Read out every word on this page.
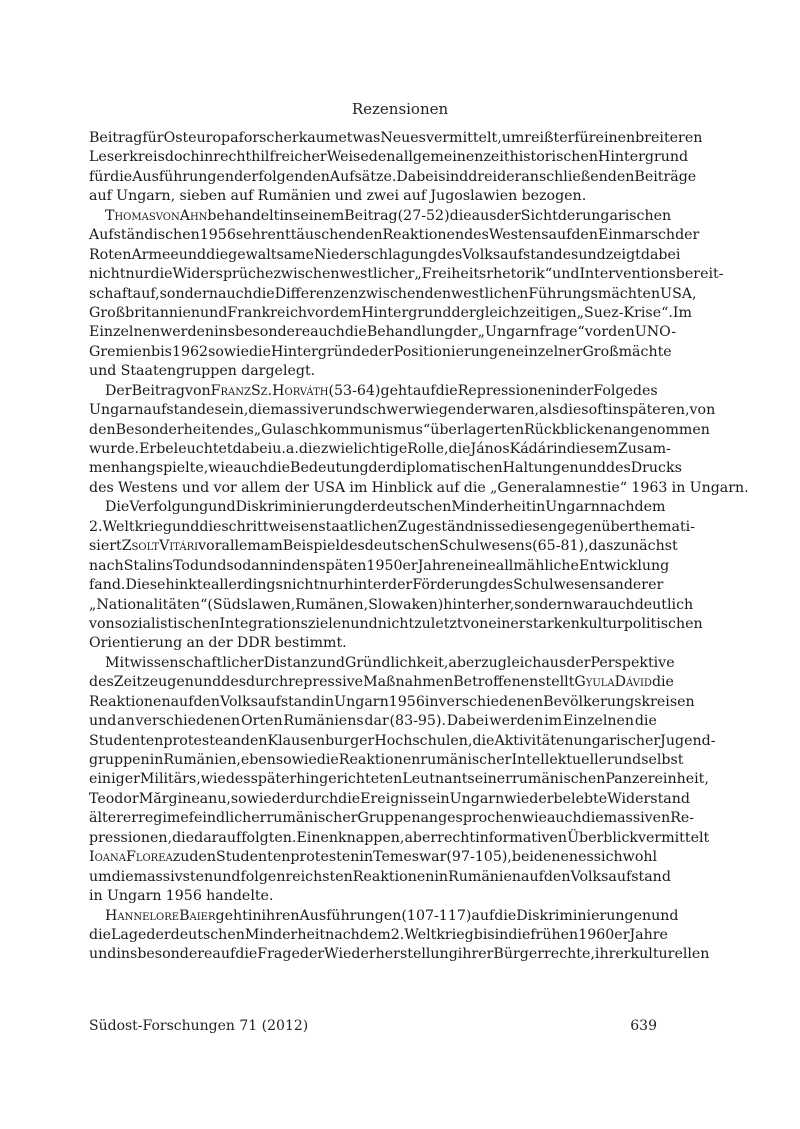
Rezensionen
Beitrag für Osteuropaforscher kaum etwas Neues vermittelt, umreißt er für einen breiteren
Leserkreis doch in recht hilfreicher Weise den allgemeinen zeithistorischen Hintergrund
für die Ausführungen der folgenden Aufsätze. Dabei sind drei der anschließenden Beiträge
auf Ungarn, sieben auf Rumänien und zwei auf Jugoslawien bezogen.
Thomas von Ahn behandelt in seinem Beitrag (27-52) die aus der Sicht der ungarischen
Aufständischen 1956 sehr enttäuschenden Reaktionen des Westens auf den Einmarsch der
Roten Armee und die gewaltsame Niederschlagung des Volksaufstandes und zeigt dabei
nicht nur die Widersprüche zwischen westlicher „Freiheitsrhetorik“ und Interventionsbereit-
schaft auf, sondern auch die Differenzen zwischen den westlichen Führungsmächten USA,
Großbritannien und Frankreich vor dem Hintergrund der gleichzeitigen „Suez-Krise“. Im
Einzelnen werden insbesondere auch die Behandlung der „Ungarnfrage“ vor den UNO-
Gremien bis 1962 sowie die Hintergründe der Positionierungen einzelner Großmächte
und Staatengruppen dargelegt.
Der Beitrag von Franz Sz. Horváth (53-64) geht auf die Repressionen in der Folge des
Ungarnaufstandes ein, die massiver und schwerwiegender waren, als dies oft in späteren, von
den Besonderheiten des „Gulaschkommunismus“ überlagerten Rückblicken angenommen
wurde. Er beleuchtet dabei u. a. die zwielichtige Rolle, die János Kádár in diesem Zusam-
menhang spielte, wie auch die Bedeutung der diplomatischen Haltungen und des Drucks
des Westens und vor allem der USA im Hinblick auf die „Generalamnestie“ 1963 in Ungarn.
Die Verfolgung und Diskriminierung der deutschen Minderheit in Ungarn nach dem
2. Weltkrieg und die schrittweisen staatlichen Zugeständnisse diesen gegenüber themati-
siert Zsolt Vitári vor allem am Beispiel des deutschen Schulwesens (65-81), das zunächst
nach Stalins Tod und sodann in den späten 1950er Jahren eine allmähliche Entwicklung
fand. Diese hinkte allerdings nicht nur hinter der Förderung des Schulwesens anderer
„Nationalitäten“ (Südslawen, Rumänen, Slowaken) hinterher, sondern war auch deutlich
von sozialistischen Integrationszielen und nicht zuletzt von einer starken kulturpolitischen
Orientierung an der DDR bestimmt.
Mit wissenschaftlicher Distanz und Gründlichkeit, aber zugleich aus der Perspektive
des Zeitzeugen und des durch repressive Maßnahmen Betroffenen stellt Gyula Dávid die
Reaktionen auf den Volksaufstand in Ungarn 1956 in verschiedenen Bevölkerungskreisen
und an verschiedenen Orten Rumäniens dar (83-95). Dabei werden im Einzelnen die
Studentenproteste an den Klausenburger Hochschulen, die Aktivitäten ungarischer Jugend-
gruppen in Rumänien, ebenso wie die Reaktionen rumänischer Intellektueller und selbst
einiger Militärs, wie des später hingerichteten Leutnants einer rumänischen Panzereinheit,
Teodor Mărgineanu, sowie der durch die Ereignisse in Ungarn wiederbelebte Widerstand
älterer regimefeindlicher rumänischer Gruppen angesprochen wie auch die massiven Re-
pressionen, die darauf folgten. Einen knappen, aber recht informativen Überblick vermittelt
Ioana Florea zu den Studentenprotesten in Temeswar (97-105), bei denen es sich wohl
um die massivsten und folgenreichsten Reaktionen in Rumänien auf den Volksaufstand
in Ungarn 1956 handelte.
Hannelore Baier geht in ihren Ausführungen (107-117) auf die Diskriminierungen und
die Lage der deutschen Minderheit nach dem 2. Weltkrieg bis in die frühen 1960er Jahre
und insbesondere auf die Frage der Wiederherstellung ihrer Bürgerrechte, ihrer kulturellen
Südost-Forschungen 71 (2012)	639
